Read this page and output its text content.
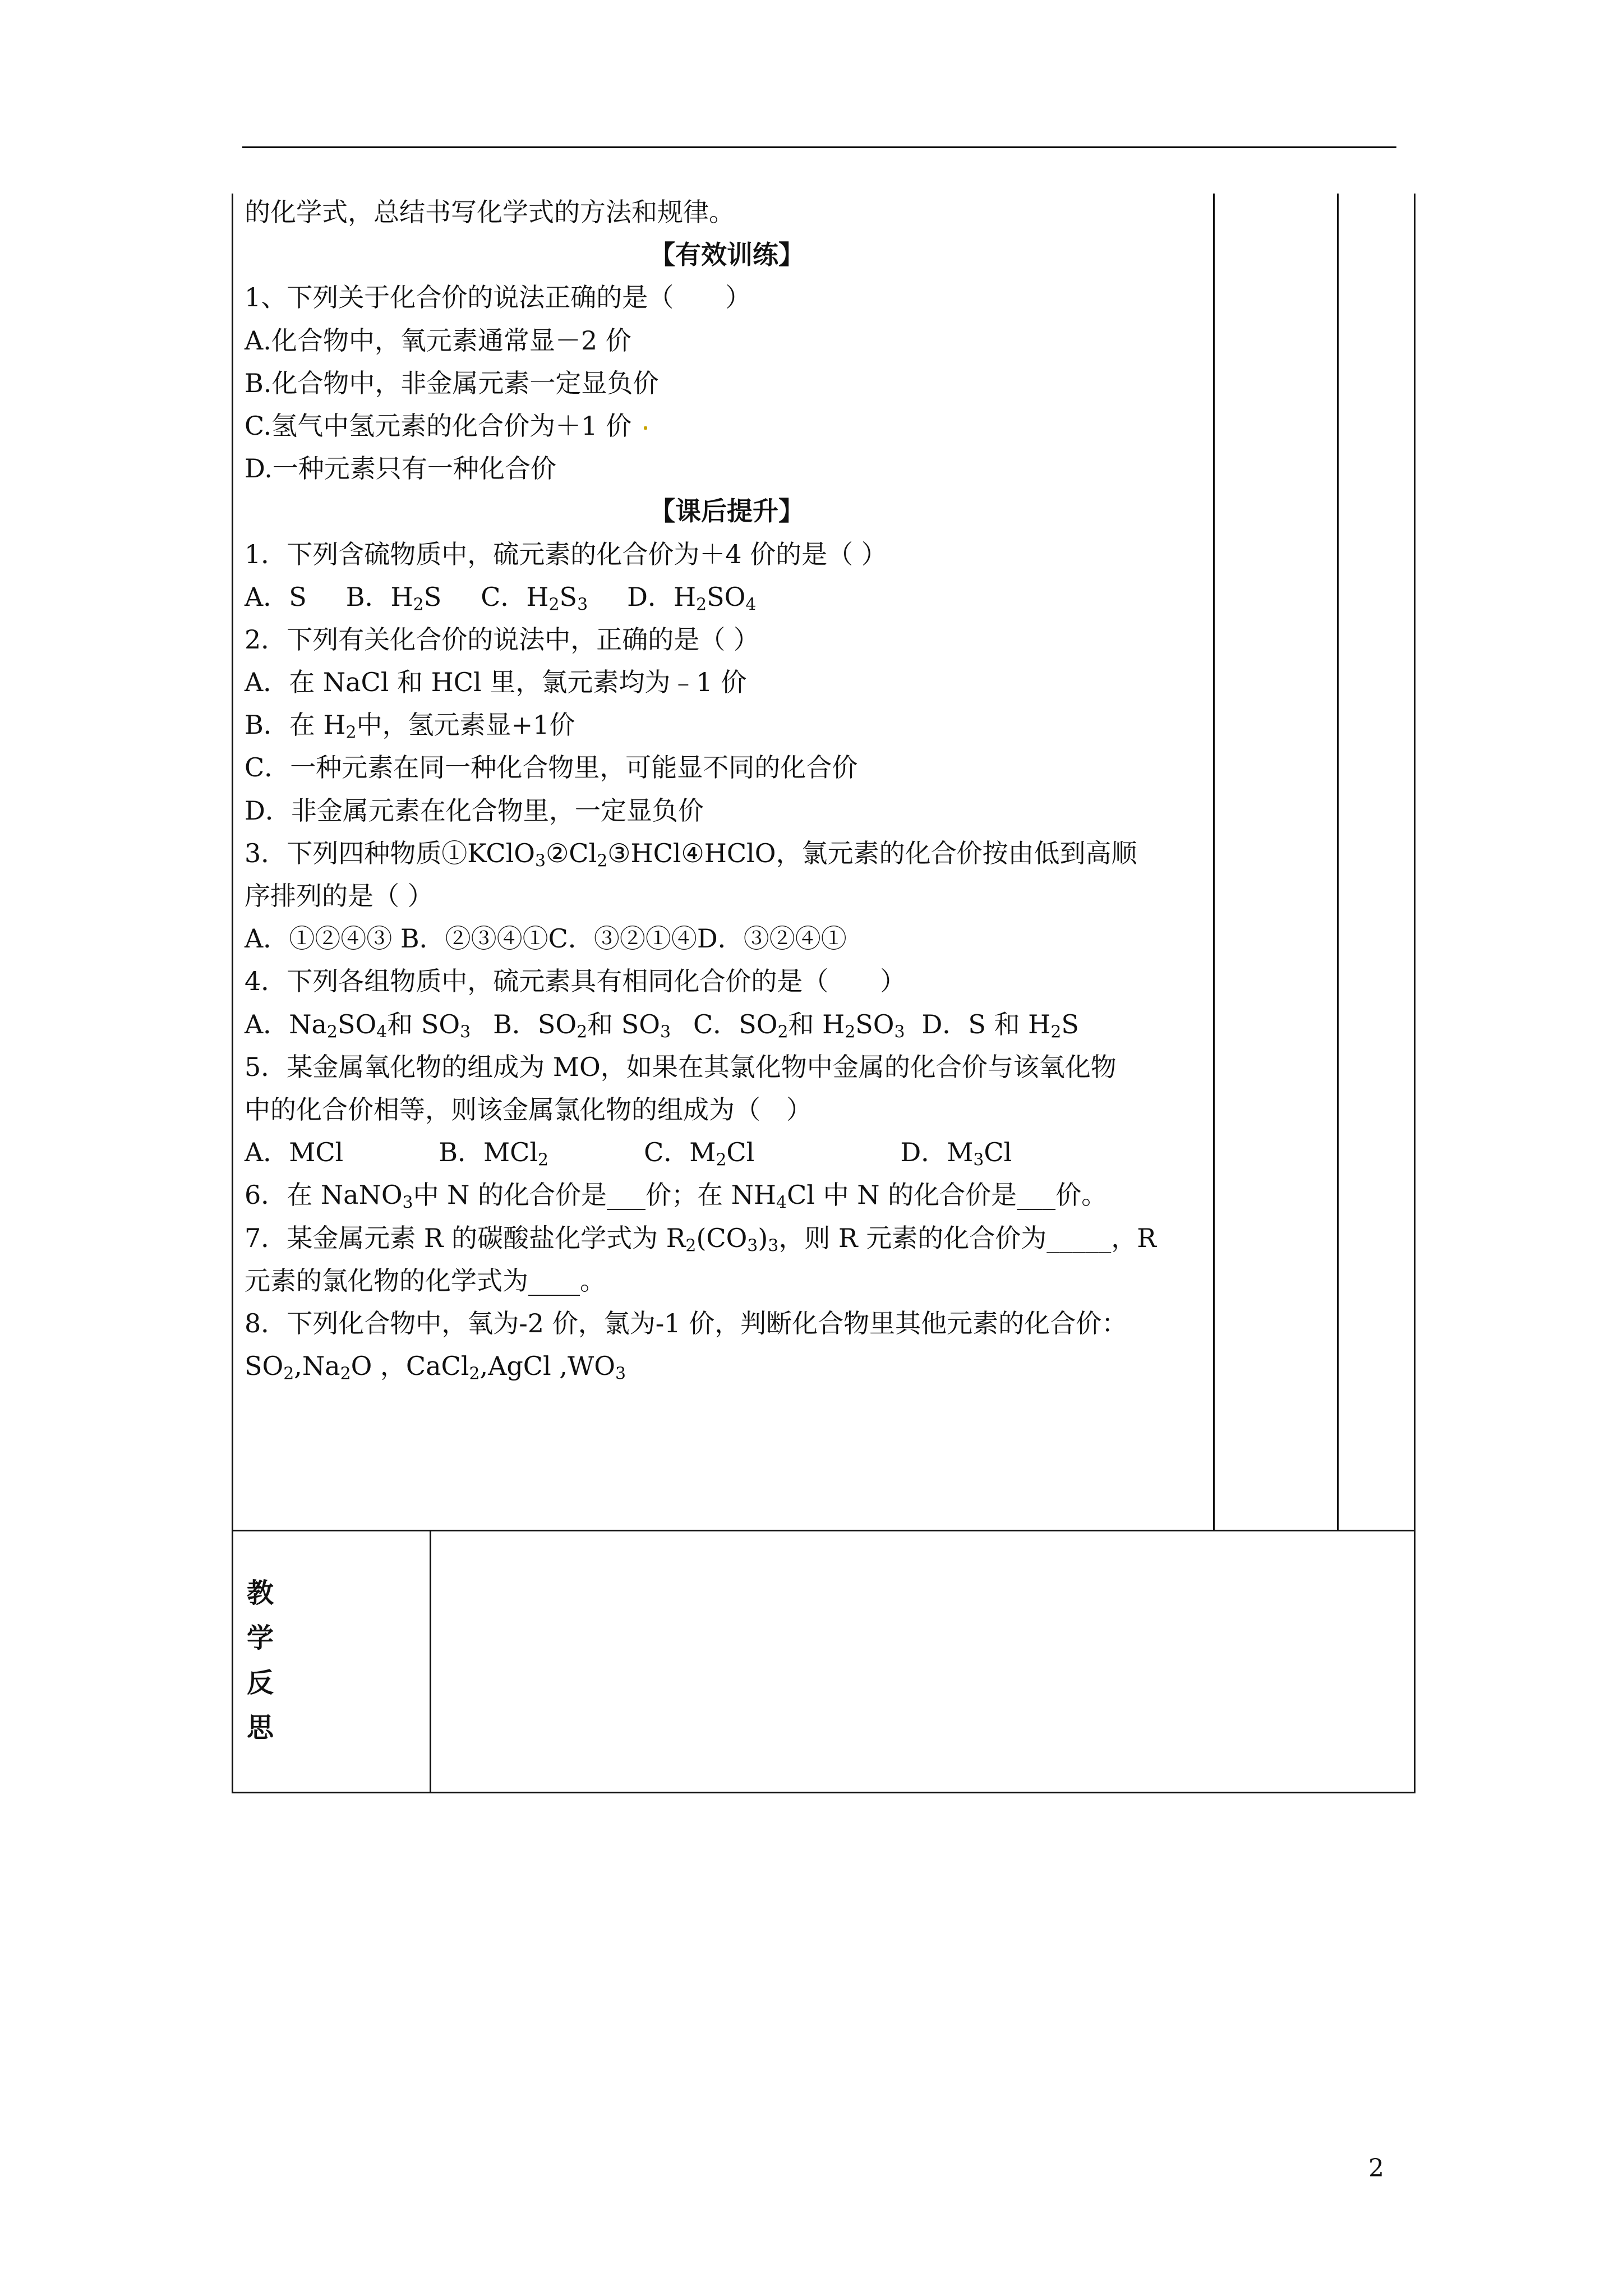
的化学式，总结书写化学式的方法和规律。
【有效训练】
1、下列关于化合价的说法正确的是（　　）
A.化合物中，氧元素通常显－2 价
B.化合物中，非金属元素一定显负价
C.氢气中氢元素的化合价为＋1 价
D.一种元素只有一种化合价
【课后提升】
1．下列含硫物质中，硫元素的化合价为＋4 价的是（ ）
A．S B．$H_2S$ C．$H_2S_3$ D．$H_2SO_4$
2．下列有关化合价的说法中，正确的是（ ）
A．在 NaCl 和 HCl 里，氯元素均为﹣1 价
B．在 $H_2$中，氢元素显+1价
C．一种元素在同一种化合物里，可能显不同的化合价
D．非金属元素在化合物里，一定显负价
3．下列四种物质$①KClO_3②Cl_2③HCl④HClO$，氯元素的化合价按由低到高顺
序排列的是（ ）
A．①②④③ B．②③④①C．③②①④D．③②④①
4．下列各组物质中，硫元素具有相同化合价的是（　　）
A．$Na_2SO_4$和 $SO_3$ B．$SO_2$和 $SO_3$ C．$SO_2$和 $H_2SO_3$ D．S 和 $H_2S$
5．某金属氧化物的组成为 MO，如果在其氯化物中金属的化合价与该氧化物
中的化合价相等，则该金属氯化物的组成为（　）
A．MCl	B．MCl$_2$	C．$M_2Cl$	D．$M_3Cl$
6．在 NaNO$_3$中 N 的化合价是___价；在 $NH_4Cl$ 中 N 的化合价是___价。
7．某金属元素 R 的碳酸盐化学式为 $R_2(CO_3)_3$，则 R 元素的化合价为_____，R
元素的氯化物的化学式为____。
8．下列化合物中，氧为-2 价，氯为-1 价，判断化合物里其他元素的化合价：
$SO_2,Na_2O$ ，CaCl$_2$,AgCl $,WO_3$
教
学
反
思
2
